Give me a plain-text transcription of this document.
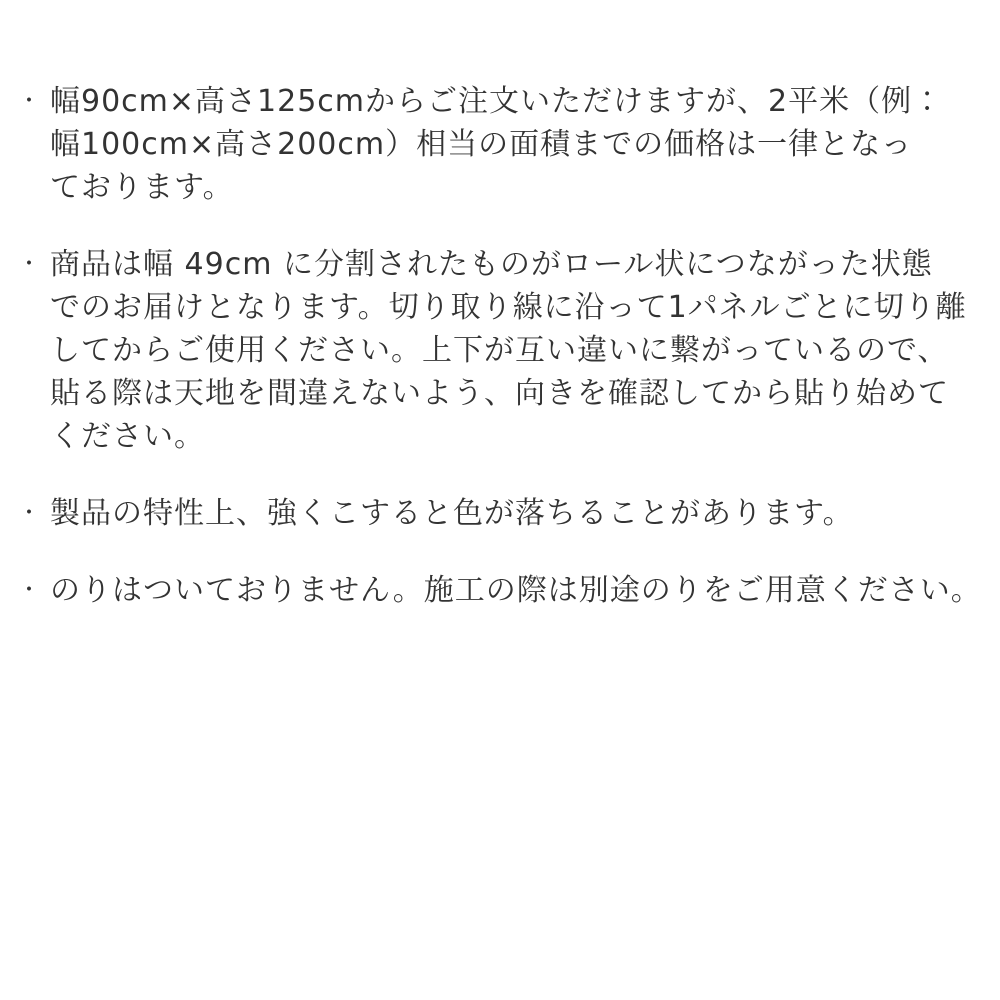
・ 幅90cm×高さ125cmからご注文いただけますが、2平米（例：
幅100cm×高さ200cm）相当の面積までの価格は一律となっ
ております。
・ 商品は幅 49cm に分割されたものがロール状につながった状態
でのお届けとなります。切り取り線に沿って1パネルごとに切り離
してからご使用ください。上下が互い違いに繋がっているので、
貼る際は天地を間違えないよう、向きを確認してから貼り始めて
ください。
・ 製品の特性上、強くこすると色が落ちることがあります。
・ のりはついておりません。施工の際は別途のりをご用意ください。
